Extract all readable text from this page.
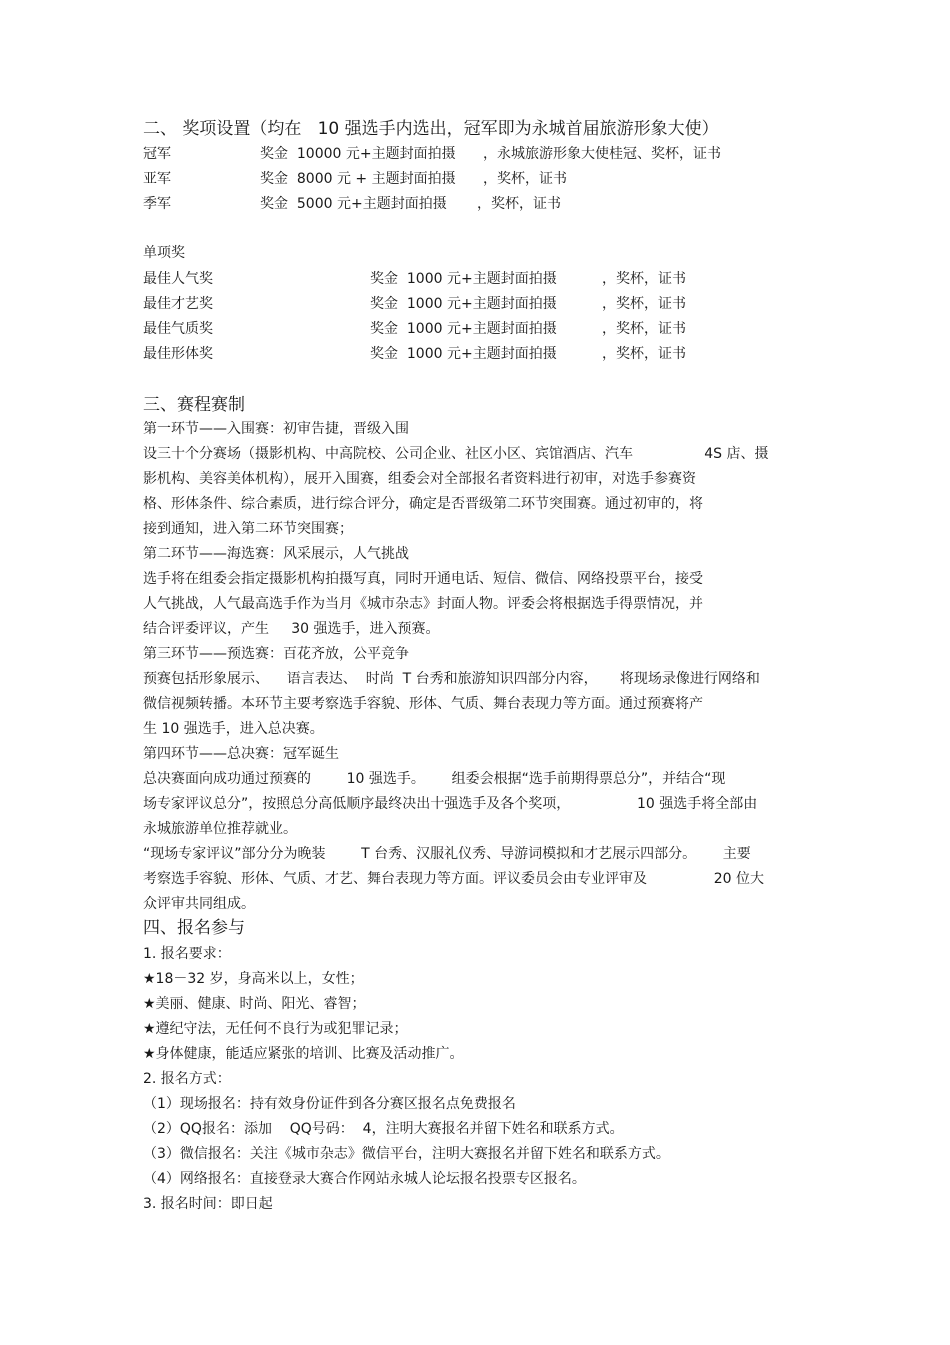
二、 奖项设置（均在   10 强选手内选出，冠军即为永城首届旅游形象大使）
冠军	奖金  10000 元+主题封面拍摄 ，永城旅游形象大使桂冠、奖杯，证书
亚军	奖金  8000 元 + 主题封面拍摄 ，奖杯，证书
季军	奖金  5000 元+主题封面拍摄 ，奖杯，证书
单项奖
最佳人气奖	奖金  1000 元+主题封面拍摄	，奖杯，证书
最佳才艺奖	奖金  1000 元+主题封面拍摄	，奖杯，证书
最佳气质奖	奖金  1000 元+主题封面拍摄	，奖杯，证书
最佳形体奖	奖金  1000 元+主题封面拍摄	，奖杯，证书
三、赛程赛制
第一环节——入围赛：初审告捷，晋级入围
设三十个分赛场（摄影机构、中高院校、公司企业、社区小区、宾馆酒店、汽车                4S 店、摄
影机构、美容美体机构），展开入围赛，组委会对全部报名者资料进行初审，对选手参赛资
格、形体条件、综合素质，进行综合评分，确定是否晋级第二环节突围赛。通过初审的，将
接到通知，进入第二环节突围赛；
第二环节——海选赛：风采展示，人气挑战
选手将在组委会指定摄影机构拍摄写真，同时开通电话、短信、微信、网络投票平台，接受
人气挑战，人气最高选手作为当月《城市杂志》封面人物。评委会将根据选手得票情况，并
结合评委评议，产生     30 强选手，进入预赛。
第三环节——预选赛：百花齐放，公平竞争
预赛包括形象展示、    语言表达、  时尚  T 台秀和旅游知识四部分内容，     将现场录像进行网络和
微信视频转播。本环节主要考察选手容貌、形体、气质、舞台表现力等方面。通过预赛将产
生 10 强选手，进入总决赛。
第四环节——总决赛：冠军诞生
总决赛面向成功通过预赛的        10 强选手。      组委会根据“选手前期得票总分”，并结合“现
场专家评议总分”，按照总分高低顺序最终决出十强选手及各个奖项，               10 强选手将全部由
永城旅游单位推荐就业。
“现场专家评议”部分分为晚装        T 台秀、汉服礼仪秀、导游词模拟和才艺展示四部分。      主要
考察选手容貌、形体、气质、才艺、舞台表现力等方面。评议委员会由专业评审及               20 位大
众评审共同组成。
四、报名参与
1. 报名要求：
★18－32 岁，身高米以上，女性；
★美丽、健康、时尚、阳光、睿智；
★遵纪守法，无任何不良行为或犯罪记录；
★身体健康，能适应紧张的培训、比赛及活动推广。
2. 报名方式：
（1）现场报名：持有效身份证件到各分赛区报名点免费报名
（2）QQ报名：添加    QQ号码：  4，注明大赛报名并留下姓名和联系方式。
（3）微信报名：关注《城市杂志》微信平台，注明大赛报名并留下姓名和联系方式。
（4）网络报名：直接登录大赛合作网站永城人论坛报名投票专区报名。
3. 报名时间：即日起
